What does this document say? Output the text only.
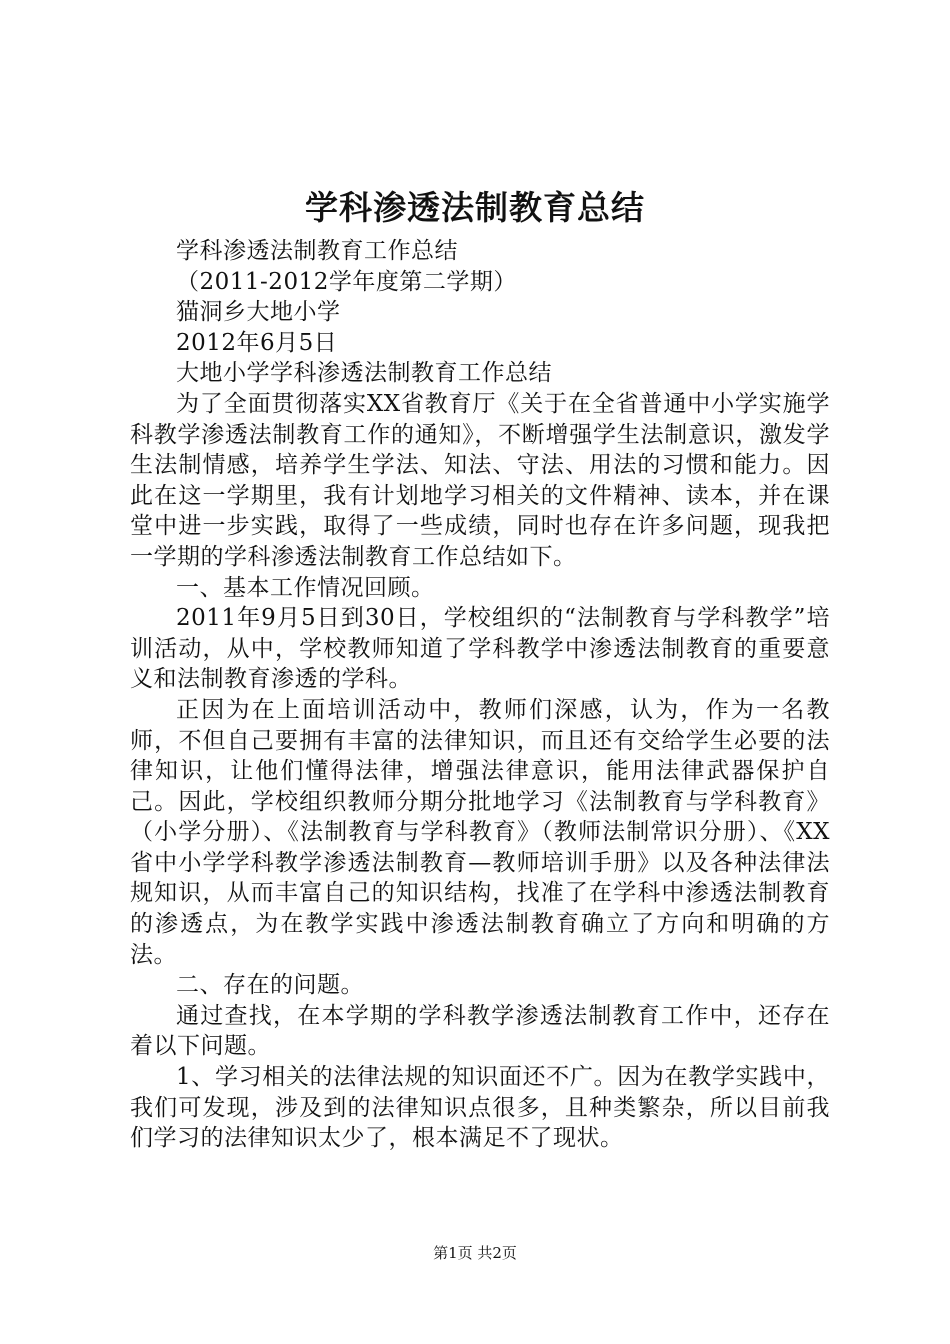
学科渗透法制教育总结

学科渗透法制教育工作总结

（2011-2012学年度第二学期）

猫洞乡大地小学

2012年6月5日

大地小学学科渗透法制教育工作总结

为了全面贯彻落实XX省教育厅《关于在全省普通中小学实施学科教学渗透法制教育工作的通知》，不断增强学生法制意识，激发学生法制情感，培养学生学法、知法、守法、用法的习惯和能力。因此在这一学期里，我有计划地学习相关的文件精神、读本，并在课堂中进一步实践，取得了一些成绩，同时也存在许多问题，现我把一学期的学科渗透法制教育工作总结如下。

一、基本工作情况回顾。

2011年9月5日到30日，学校组织的“法制教育与学科教学”培训活动，从中，学校教师知道了学科教学中渗透法制教育的重要意义和法制教育渗透的学科。

正因为在上面培训活动中，教师们深感，认为，作为一名教师，不但自己要拥有丰富的法律知识，而且还有交给学生必要的法律知识，让他们懂得法律，增强法律意识，能用法律武器保护自己。因此，学校组织教师分期分批地学习《法制教育与学科教育》（小学分册）、《法制教育与学科教育》（教师法制常识分册）、《XX省中小学学科教学渗透法制教育—教师培训手册》以及各种法律法规知识，从而丰富自己的知识结构，找准了在学科中渗透法制教育的渗透点，为在教学实践中渗透法制教育确立了方向和明确的方法。

二、存在的问题。

通过查找，在本学期的学科教学渗透法制教育工作中，还存在着以下问题。

1、学习相关的法律法规的知识面还不广。因为在教学实践中，我们可发现，涉及到的法律知识点很多，且种类繁杂，所以目前我们学习的法律知识太少了，根本满足不了现状。

第1页 共2页
